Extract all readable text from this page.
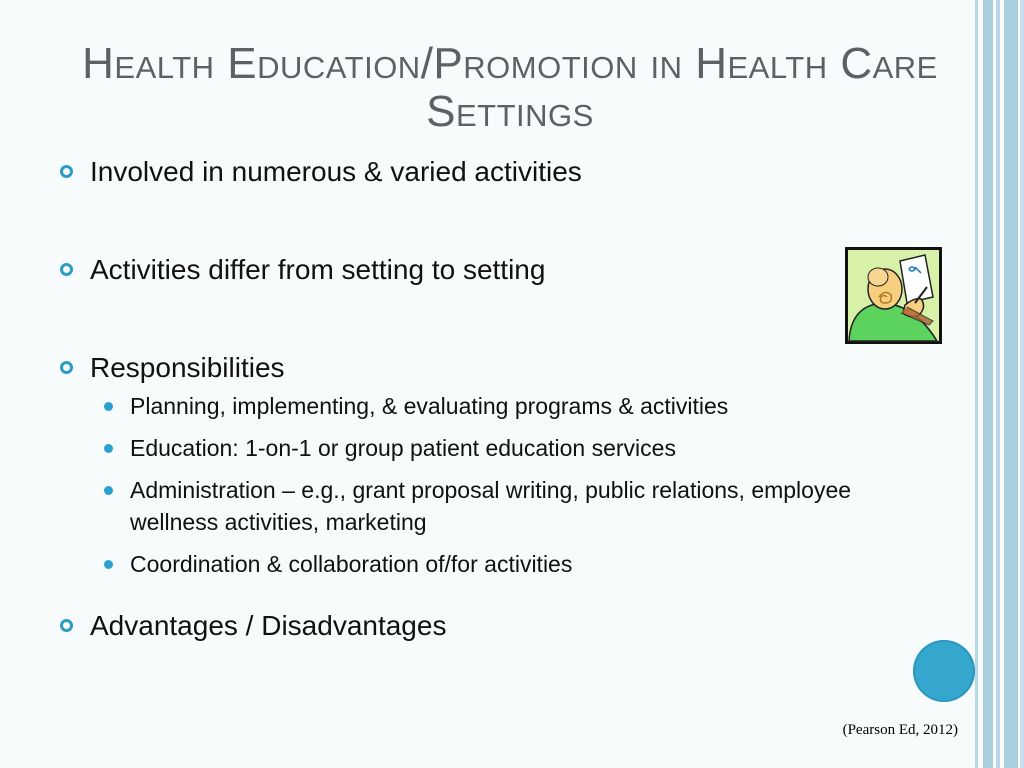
Health Education/Promotion in Health Care Settings
Involved in numerous & varied activities
Activities differ from setting to setting
Responsibilities
Planning, implementing, & evaluating programs & activities
Education: 1-on-1 or group patient education services
Administration – e.g., grant proposal writing, public relations, employee wellness activities, marketing
Coordination & collaboration of/for activities
Advantages / Disadvantages
(Pearson Ed, 2012)
